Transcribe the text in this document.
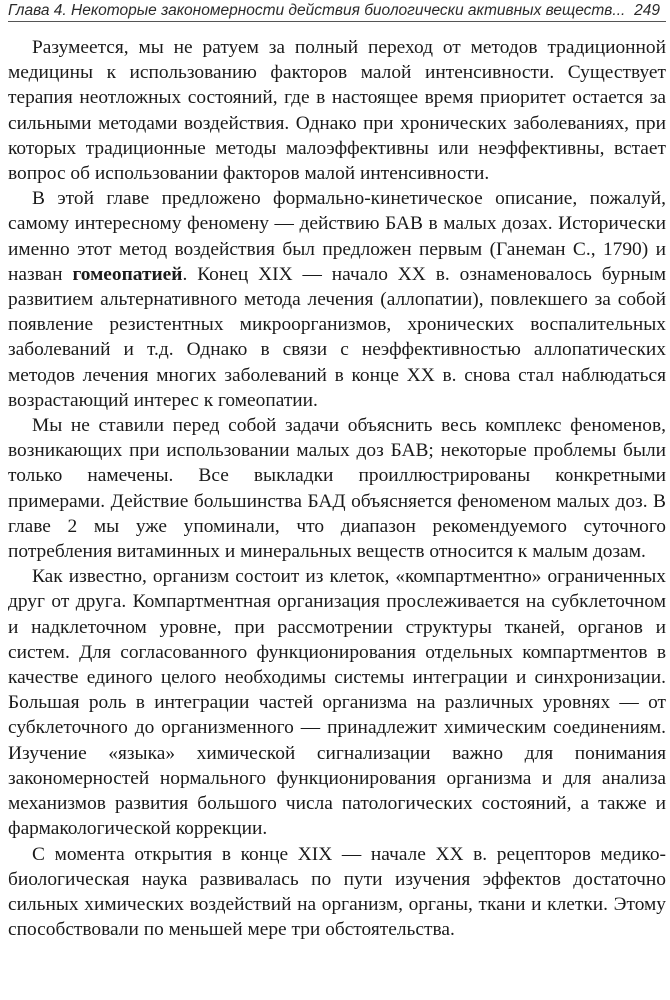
Глава 4. Некоторые закономерности действия биологически активных веществ... 249

Разумеется, мы не ратуем за полный переход от методов традиционной медицины к использованию факторов малой интенсивности. Существует терапия неотложных состояний, где в настоящее время приоритет остается за сильными методами воздействия. Однако при хронических заболеваниях, при которых традиционные методы малоэффективны или неэффективны, встает вопрос об использовании факторов малой интенсивности.

В этой главе предложено формально-кинетическое описание, пожалуй, самому интересному феномену — действию БАВ в малых дозах. Исторически именно этот метод воздействия был предложен первым (Ганеман С., 1790) и назван гомеопатией. Конец XIX — начало XX в. ознаменовалось бурным развитием альтернативного метода лечения (аллопатии), повлекшего за собой появление резистентных микроорганизмов, хронических воспалительных заболеваний и т.д. Однако в связи с неэффективностью аллопатических методов лечения многих заболеваний в конце XX в. снова стал наблюдаться возрастающий интерес к гомеопатии.

Мы не ставили перед собой задачи объяснить весь комплекс феноменов, возникающих при использовании малых доз БАВ; некоторые проблемы были только намечены. Все выкладки проиллюстрированы конкретными примерами. Действие большинства БАД объясняется феноменом малых доз. В главе 2 мы уже упоминали, что диапазон рекомендуемого суточного потребления витаминных и минеральных веществ относится к малым дозам.

Как известно, организм состоит из клеток, «компартментно» ограниченных друг от друга. Компартментная организация прослеживается на субклеточном и надклеточном уровне, при рассмотрении структуры тканей, органов и систем. Для согласованного функционирования отдельных компартментов в качестве единого целого необходимы системы интеграции и синхронизации. Большая роль в интеграции частей организма на различных уровнях — от субклеточного до организменного — принадлежит химическим соединениям. Изучение «языка» химической сигнализации важно для понимания закономерностей нормального функционирования организма и для анализа механизмов развития большого числа патологических состояний, а также и фармакологической коррекции.

С момента открытия в конце XIX — начале XX в. рецепторов медико-биологическая наука развивалась по пути изучения эффектов достаточно сильных химических воздействий на организм, органы, ткани и клетки. Этому способствовали по меньшей мере три обстоятельства.
